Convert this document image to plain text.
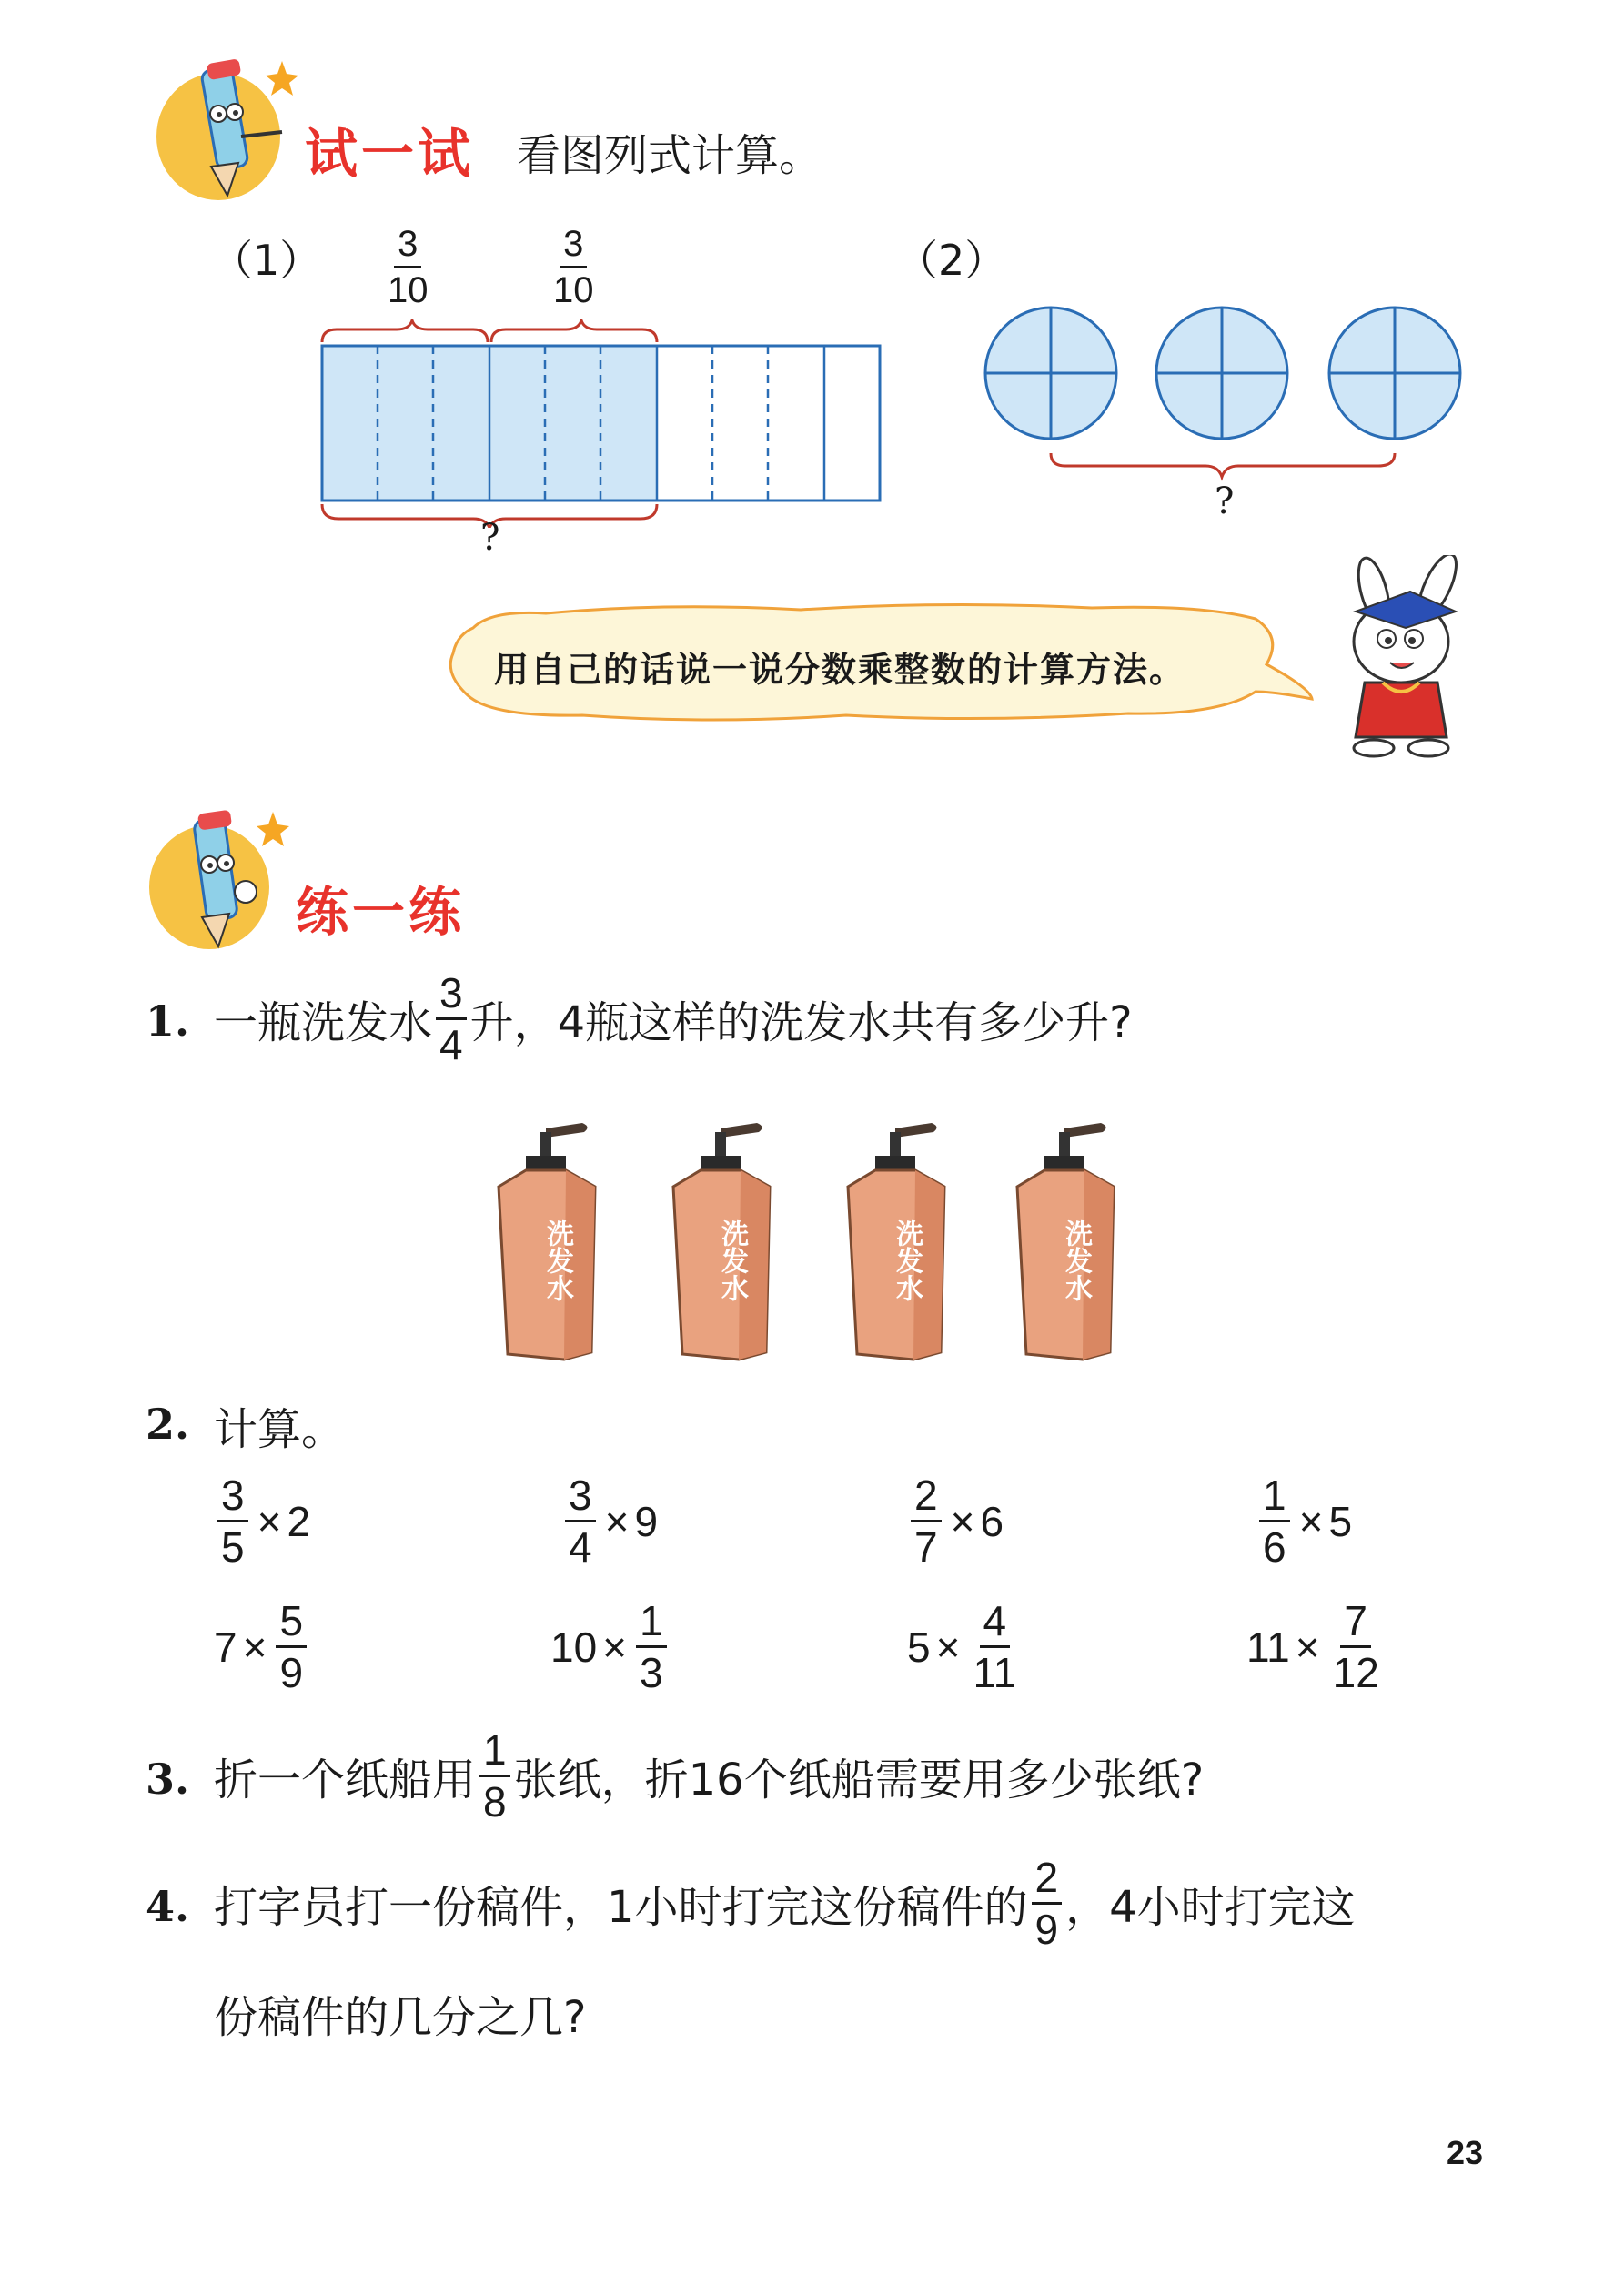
试一试 看图列式计算。
$(1) \frac{3}{10}$	$\frac{3}{10}$
?
（2）
?
用自己的话说一说分数乘整数的计算方法。
练一练
1. 一瓶洗发水 $\frac{3}{4}$ 升，4瓶这样的洗发水共有多少升?
洗发水	洗发水	洗发水	洗发水
2. 计算。
$\frac{3}{5} \times 2$	$\frac{3}{4} \times 9$	$\frac{2}{7} \times 6$	$\frac{1}{6} \times 5$
$7 \times \frac{5}{9}$	$10 \times \frac{1}{3}$	$5 \times \frac{4}{11}$	$11 \times \frac{7}{12}$
3. 折一个纸船用 $\frac{1}{8}$ 张纸，折16个纸船需要用多少张纸?
4. 打字员打一份稿件，1小时打完这份稿件的 $\frac{2}{9}$ ，4小时打完这
份稿件的几分之几?
23
